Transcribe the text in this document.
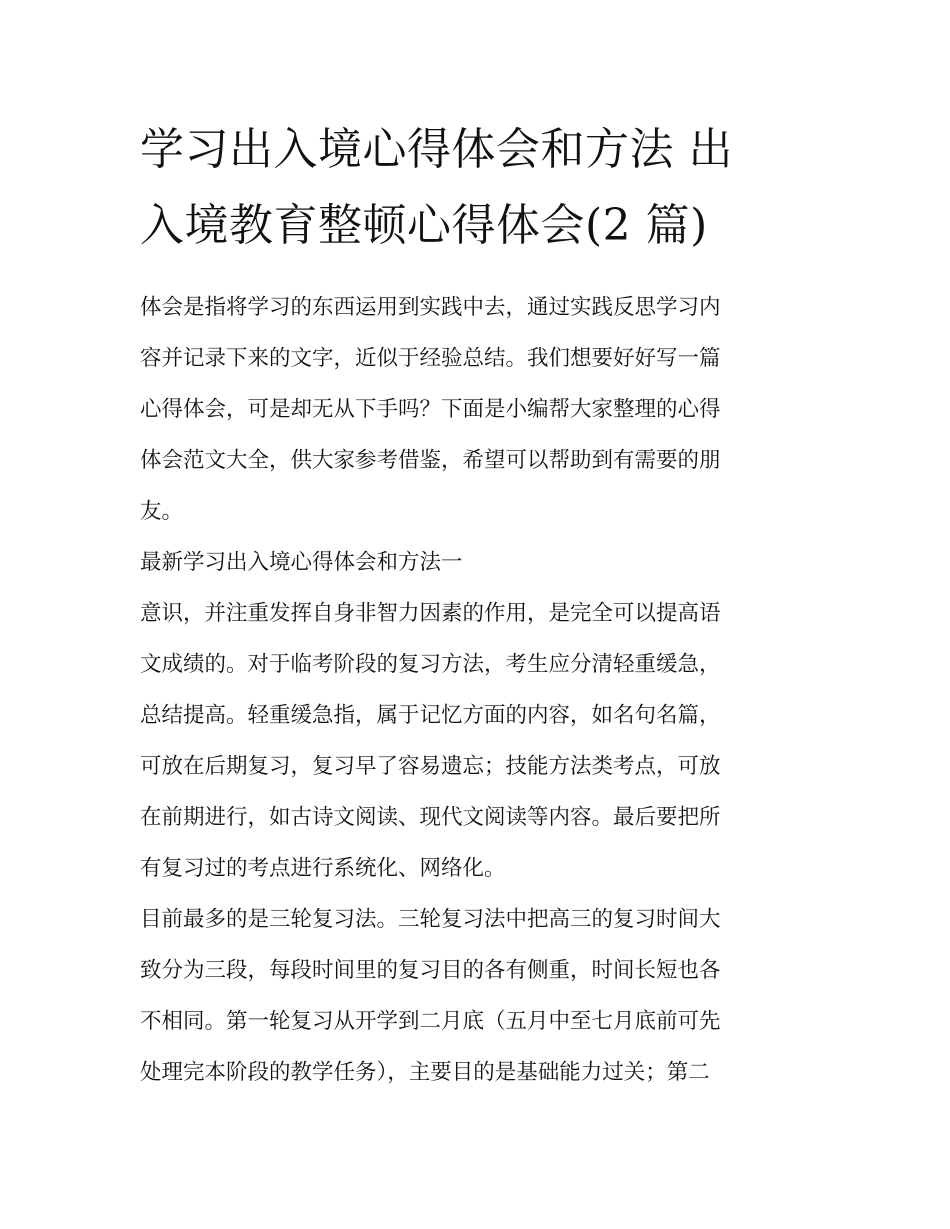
学习出入境心得体会和方法 出
入境教育整顿心得体会(2 篇)

体会是指将学习的东西运用到实践中去，通过实践反思学习内
容并记录下来的文字，近似于经验总结。我们想要好好写一篇
心得体会，可是却无从下手吗？下面是小编帮大家整理的心得
体会范文大全，供大家参考借鉴，希望可以帮助到有需要的朋
友。

最新学习出入境心得体会和方法一

意识，并注重发挥自身非智力因素的作用，是完全可以提高语
文成绩的。对于临考阶段的复习方法，考生应分清轻重缓急，
总结提高。轻重缓急指，属于记忆方面的内容，如名句名篇，
可放在后期复习，复习早了容易遗忘；技能方法类考点，可放
在前期进行，如古诗文阅读、现代文阅读等内容。最后要把所
有复习过的考点进行系统化、网络化。

目前最多的是三轮复习法。三轮复习法中把高三的复习时间大
致分为三段，每段时间里的复习目的各有侧重，时间长短也各
不相同。第一轮复习从开学到二月底（五月中至七月底前可先
处理完本阶段的教学任务），主要目的是基础能力过关；第二
